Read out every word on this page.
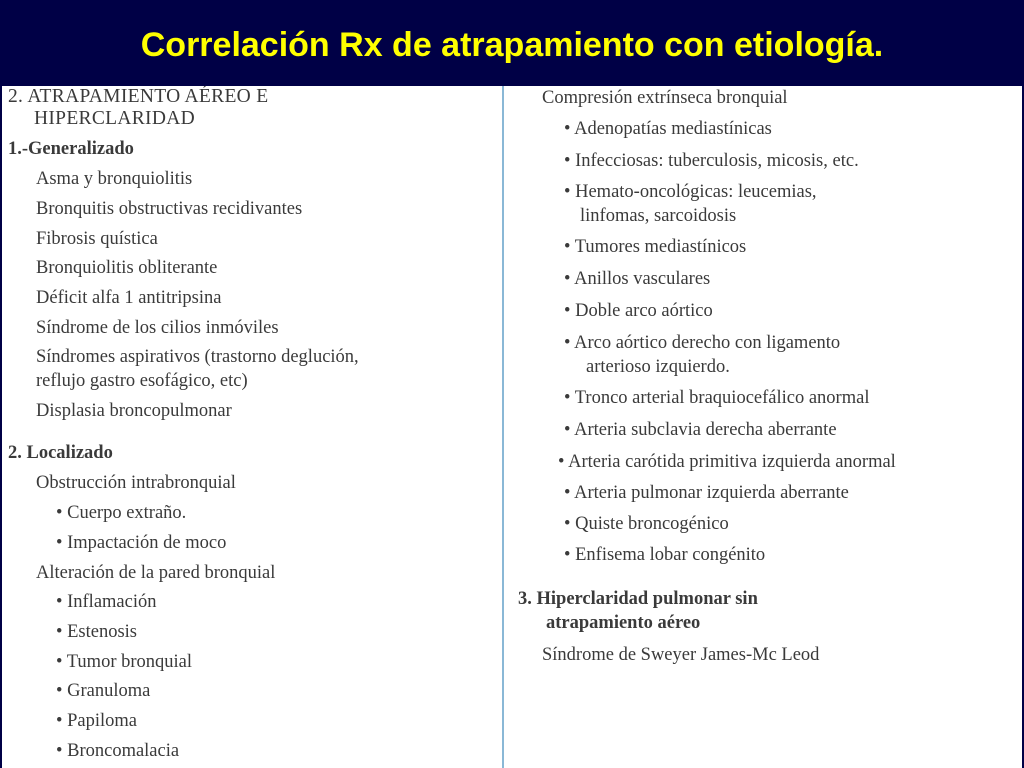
Correlación Rx de atrapamiento con etiología.
2. ATRAPAMIENTO AÉREO E
HIPERCLARIDAD
1.-Generalizado
Asma y bronquiolitis
Bronquitis obstructivas recidivantes
Fibrosis quística
Bronquiolitis obliterante
Déficit alfa 1 antitripsina
Síndrome de los cilios inmóviles
Síndromes aspirativos (trastorno deglución,
reflujo gastro esofágico, etc)
Displasia broncopulmonar
2. Localizado
Obstrucción intrabronquial
• Cuerpo extraño.
• Impactación de moco
Alteración de la pared bronquial
• Inflamación
• Estenosis
• Tumor bronquial
• Granuloma
• Papiloma
• Broncomalacia
Compresión extrínseca bronquial
• Adenopatías mediastínicas
• Infecciosas: tuberculosis, micosis, etc.
• Hemato-oncológicas: leucemias,
linfomas, sarcoidosis
• Tumores mediastínicos
• Anillos vasculares
• Doble arco aórtico
• Arco aórtico derecho con ligamento
arterioso izquierdo.
• Tronco arterial braquiocefálico anormal
• Arteria subclavia derecha aberrante
• Arteria carótida primitiva izquierda anormal
• Arteria pulmonar izquierda aberrante
• Quiste broncogénico
• Enfisema lobar congénito
3. Hiperclaridad pulmonar sin
atrapamiento aéreo
Síndrome de Sweyer James-Mc Leod
